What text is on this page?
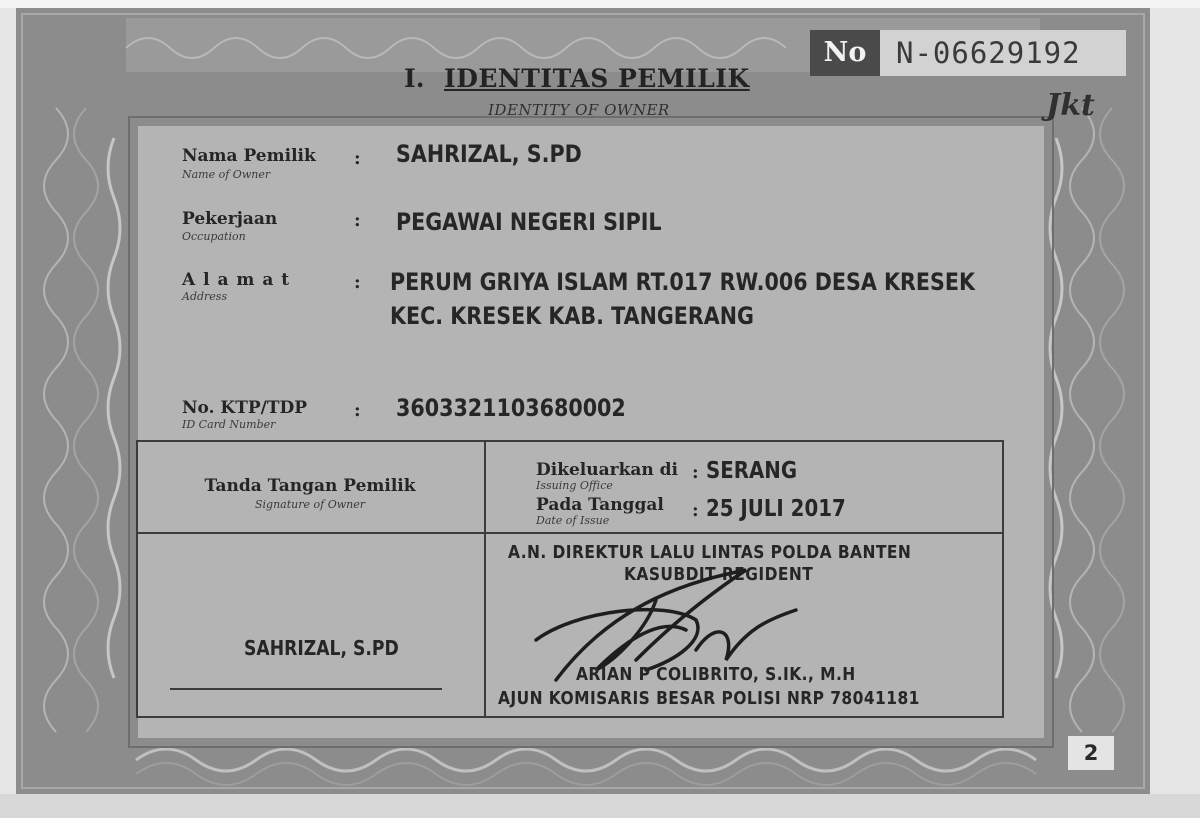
No	N-06629192
Jkt
I. IDENTITAS PEMILIK
IDENTITY OF OWNER
Nama Pemilik
Name of Owner
: SAHRIZAL, S.PD
Pekerjaan
Occupation
: PEGAWAI NEGERI SIPIL
A l a m a t
Address
: PERUM GRIYA ISLAM RT.017 RW.006 DESA KRESEK
KEC. KRESEK KAB. TANGERANG
No. KTP/TDP
ID Card Number
: 3603321103680002
Tanda Tangan Pemilik
Signature of Owner
Dikeluarkan di
Issuing Office
: SERANG
Pada Tanggal
Date of Issue	: 25 JULI 2017
SAHRIZAL, S.PD
A.N. DIREKTUR LALU LINTAS POLDA BANTEN
KASUBDIT REGIDENT
ARIAN P COLIBRITO, S.IK., M.H
AJUN KOMISARIS BESAR POLISI NRP 78041181
2
